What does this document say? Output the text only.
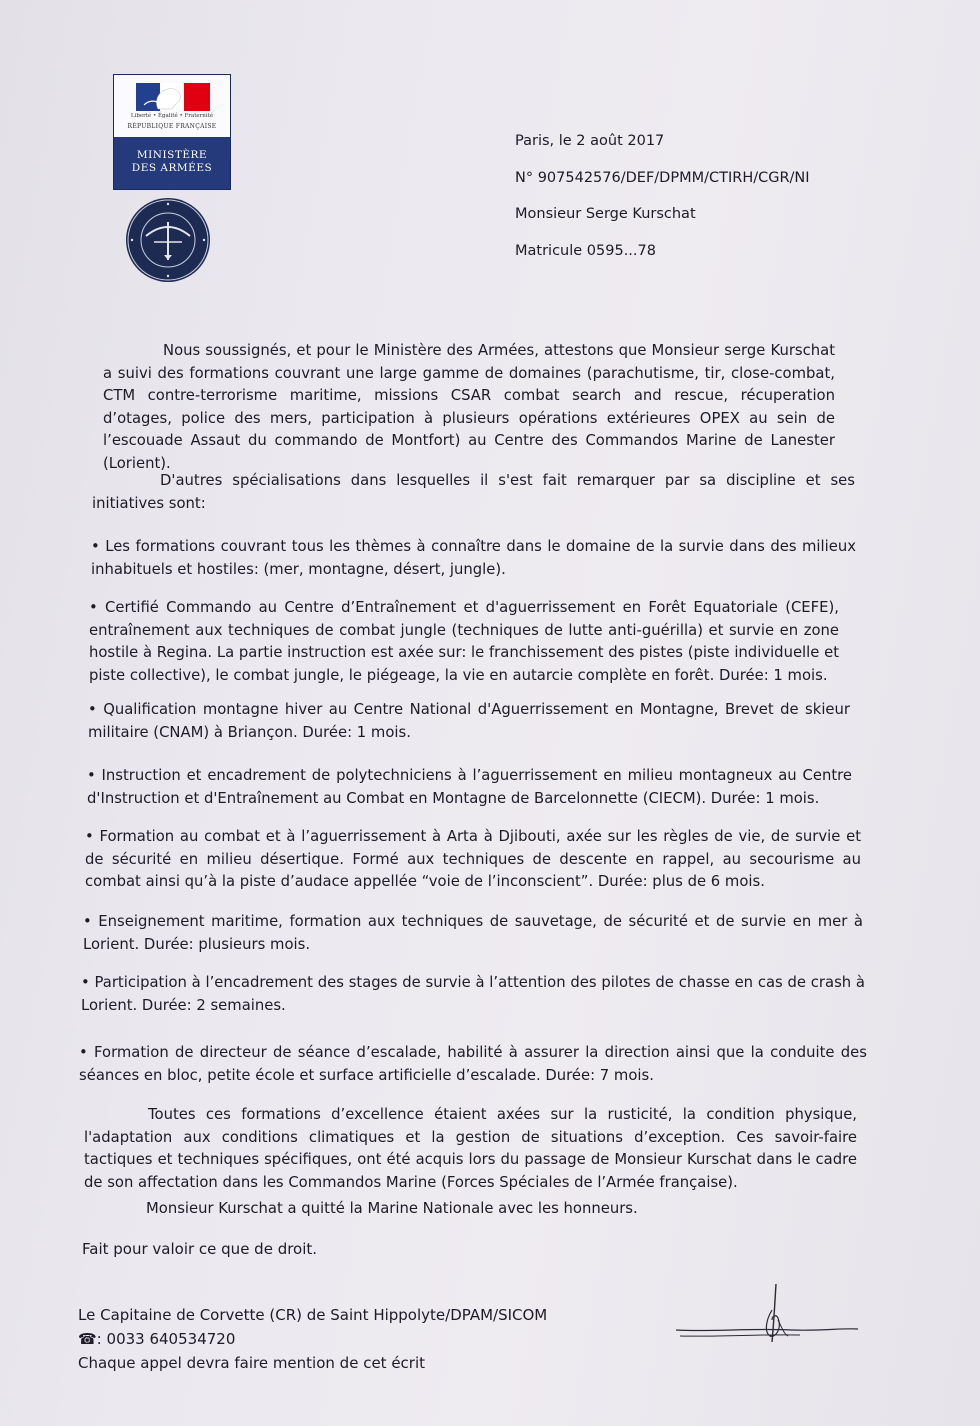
Liberté • Égalité • Fraternité
RÉPUBLIQUE FRANÇAISE
MINISTÈRE
DES ARMÉES
Paris, le 2 août 2017
N° 907542576/DEF/DPMM/CTIRH/CGR/NI
Monsieur Serge Kurschat
Matricule 0595...78
Nous soussignés, et pour le Ministère des Armées, attestons que Monsieur serge Kurschat a suivi des formations couvrant une large gamme de domaines (parachutisme, tir, close-combat, CTM contre-terrorisme maritime, missions CSAR combat search and rescue, récuperation d’otages, police des mers, participation à plusieurs opérations extérieures OPEX au sein de l’escouade Assaut du commando de Montfort) au Centre des Commandos Marine de Lanester (Lorient).
D'autres spécialisations dans lesquelles il s'est fait remarquer par sa discipline et ses initiatives sont:
• Les formations couvrant tous les thèmes à connaître dans le domaine de la survie dans des milieux inhabituels et hostiles: (mer, montagne, désert, jungle).
• Certifié Commando au Centre d’Entraînement et d'aguerrissement en Forêt Equatoriale (CEFE), entraînement aux techniques de combat jungle (techniques de lutte anti-guérilla) et survie en zone hostile à Regina. La partie instruction est axée sur: le franchissement des pistes (piste individuelle et piste collective), le combat jungle, le piégeage, la vie en autarcie complète en forêt. Durée: 1 mois.
• Qualification montagne hiver au Centre National d'Aguerrissement en Montagne, Brevet de skieur militaire (CNAM) à Briançon. Durée: 1 mois.
• Instruction et encadrement de polytechniciens à l’aguerrissement en milieu montagneux au Centre d'Instruction et d'Entraînement au Combat en Montagne de Barcelonnette (CIECM). Durée: 1 mois.
• Formation au combat et à l’aguerrissement à Arta à Djibouti, axée sur les règles de vie, de survie et de sécurité en milieu désertique. Formé aux techniques de descente en rappel, au secourisme au combat ainsi qu’à la piste d’audace appellée “voie de l’inconscient”. Durée: plus de 6 mois.
• Enseignement maritime, formation aux techniques de sauvetage, de sécurité et de survie en mer à Lorient. Durée: plusieurs mois.
• Participation à l’encadrement des stages de survie à l’attention des pilotes de chasse en cas de crash à Lorient. Durée: 2 semaines.
• Formation de directeur de séance d’escalade, habilité à assurer la direction ainsi que la conduite des séances en bloc, petite école et surface artificielle d’escalade. Durée: 7 mois.
Toutes ces formations d’excellence étaient axées sur la rusticité, la condition physique, l'adaptation aux conditions climatiques et la gestion de situations d’exception. Ces savoir-faire tactiques et techniques spécifiques, ont été acquis lors du passage de Monsieur Kurschat dans le cadre de son affectation dans les Commandos Marine (Forces Spéciales de l’Armée française).
Monsieur Kurschat a quitté la Marine Nationale avec les honneurs.
Fait pour valoir ce que de droit.
Le Capitaine de Corvette (CR) de Saint Hippolyte/DPAM/SICOM
☎: 0033 640534720
Chaque appel devra faire mention de cet écrit
